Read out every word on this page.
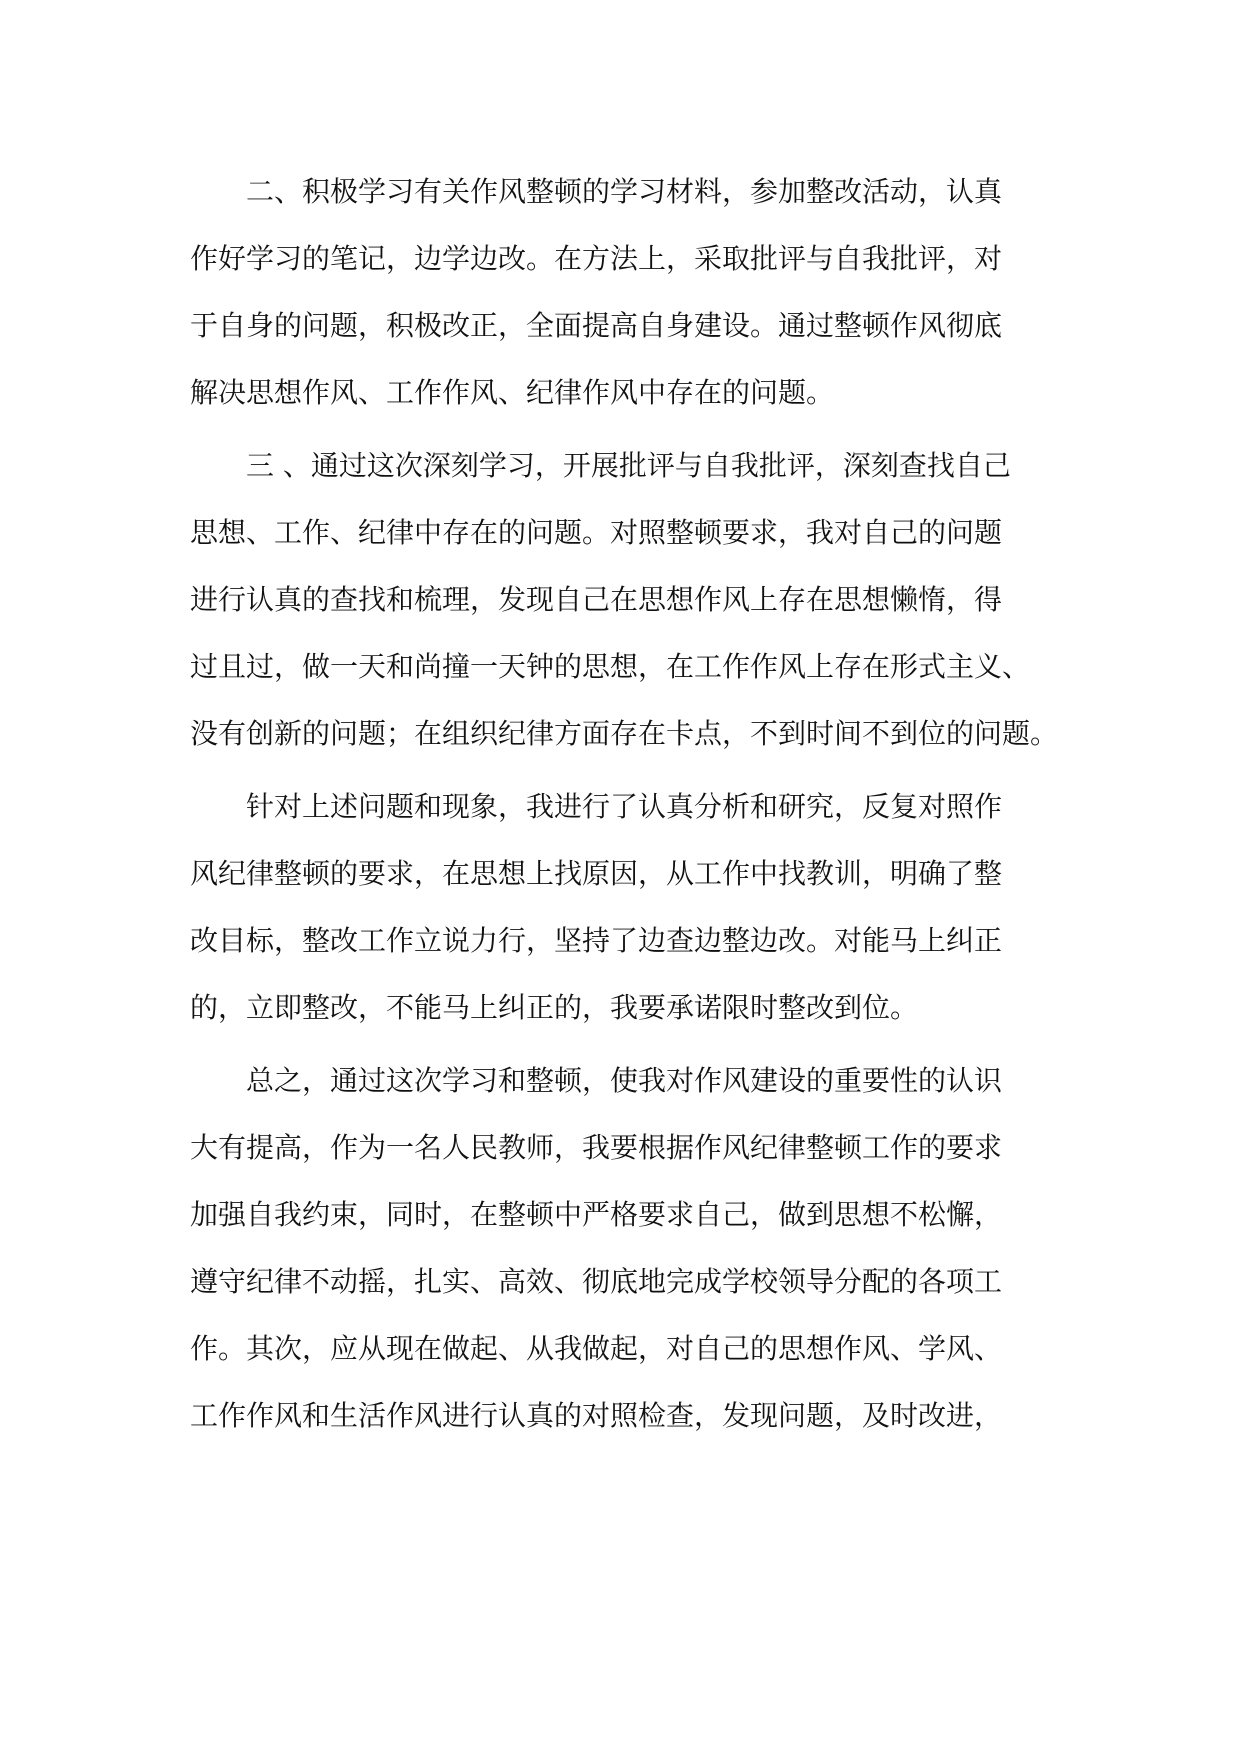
二、积极学习有关作风整顿的学习材料，参加整改活动，认真
作好学习的笔记，边学边改。在方法上，采取批评与自我批评，对
于自身的问题，积极改正，全面提高自身建设。通过整顿作风彻底
解决思想作风、工作作风、纪律作风中存在的问题。
三 、通过这次深刻学习，开展批评与自我批评，深刻查找自己
思想、工作、纪律中存在的问题。对照整顿要求，我对自己的问题
进行认真的查找和梳理，发现自己在思想作风上存在思想懒惰，得
过且过，做一天和尚撞一天钟的思想，在工作作风上存在形式主义、
没有创新的问题；在组织纪律方面存在卡点，不到时间不到位的问题。
针对上述问题和现象，我进行了认真分析和研究，反复对照作
风纪律整顿的要求，在思想上找原因，从工作中找教训，明确了整
改目标，整改工作立说力行，坚持了边查边整边改。对能马上纠正
的，立即整改，不能马上纠正的，我要承诺限时整改到位。
总之，通过这次学习和整顿，使我对作风建设的重要性的认识
大有提高，作为一名人民教师，我要根据作风纪律整顿工作的要求
加强自我约束，同时，在整顿中严格要求自己，做到思想不松懈，
遵守纪律不动摇，扎实、高效、彻底地完成学校领导分配的各项工
作。其次，应从现在做起、从我做起，对自己的思想作风、学风、
工作作风和生活作风进行认真的对照检查，发现问题，及时改进，
